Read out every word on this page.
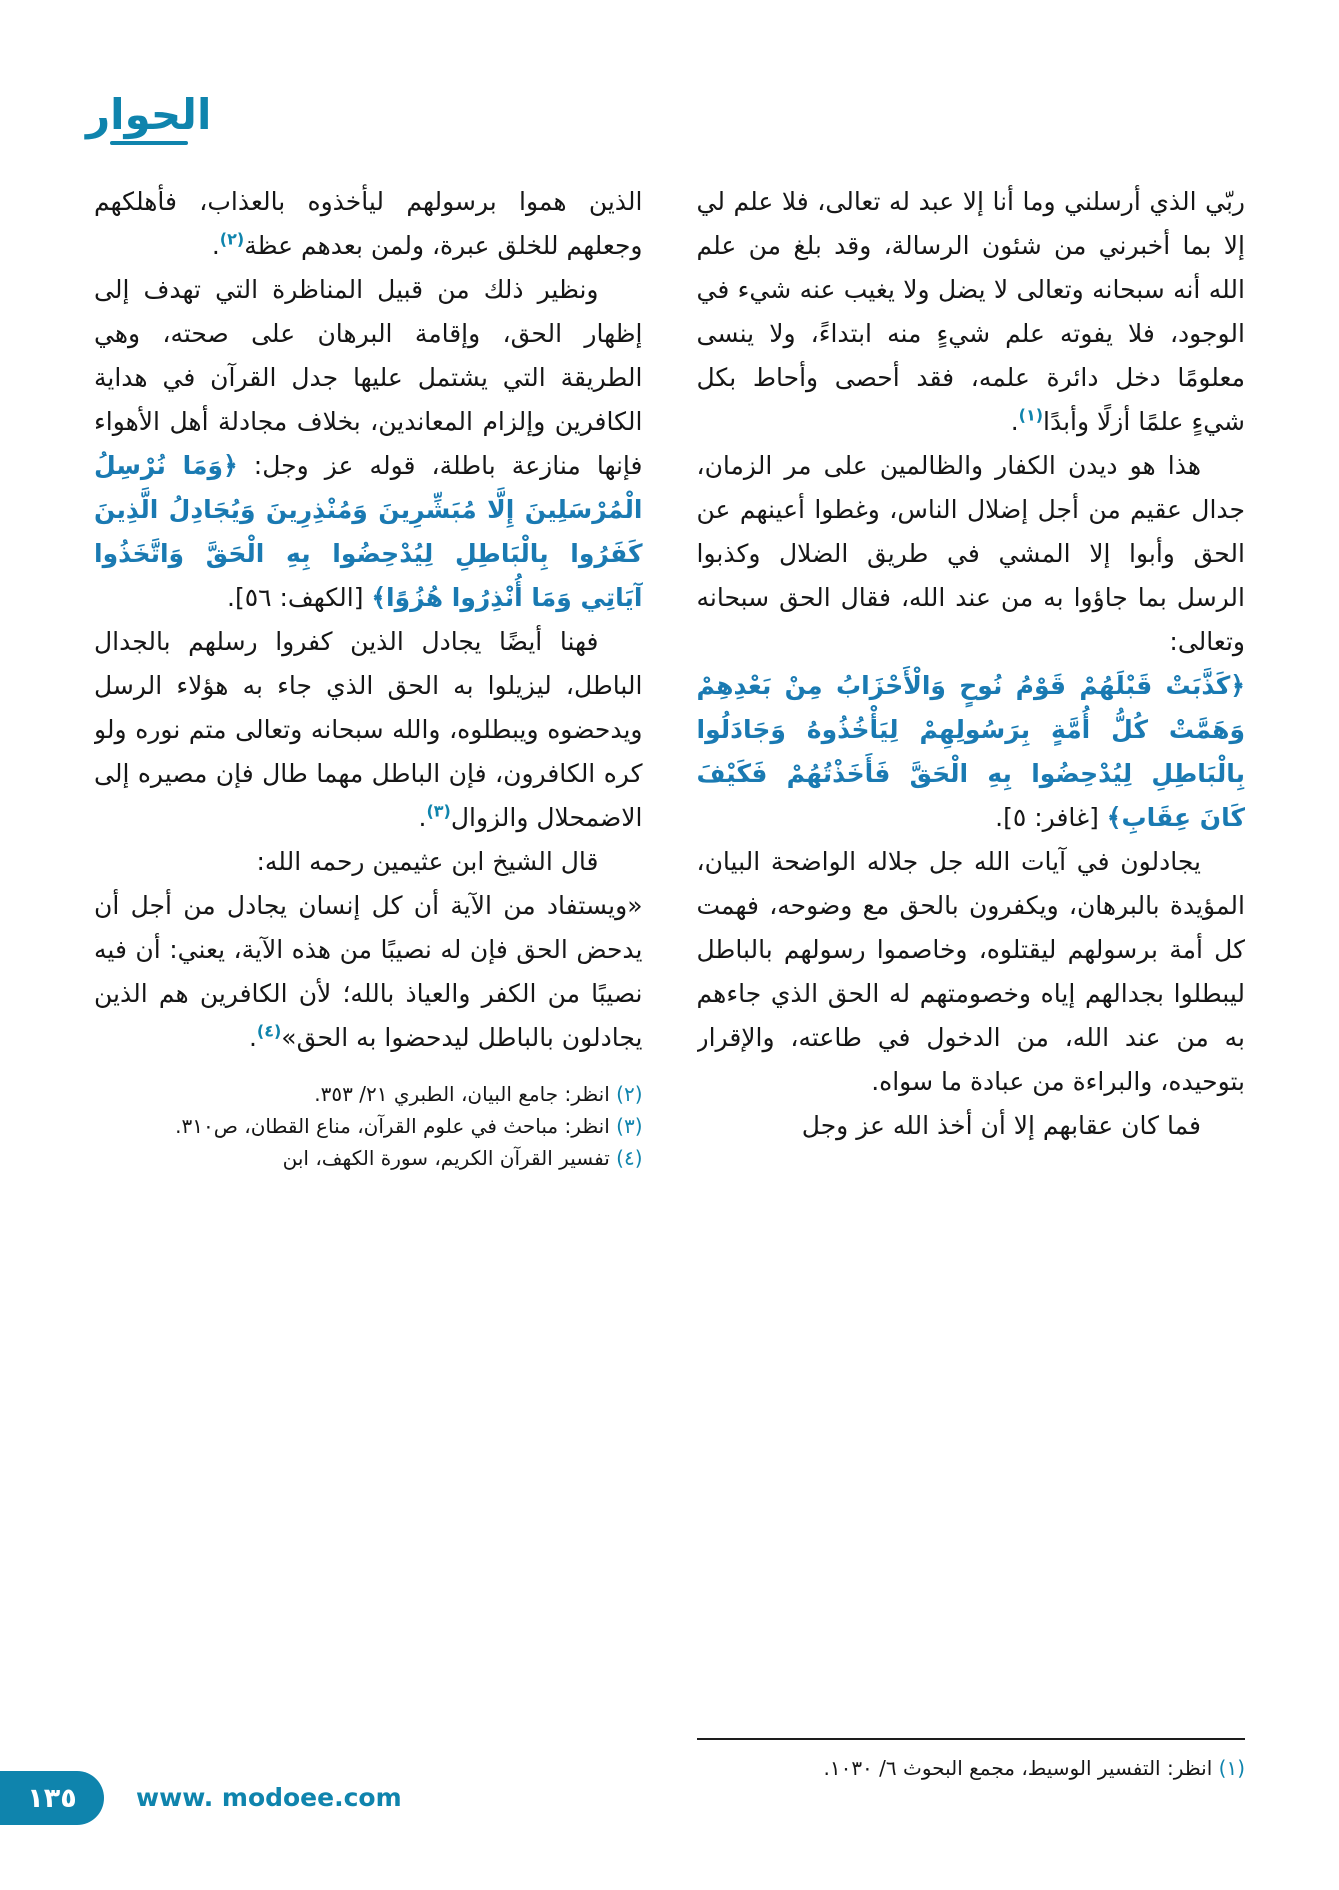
الحوار

ربّي الذي أرسلني وما أنا إلا عبد له تعالى، فلا علم لي إلا بما أخبرني من شئون الرسالة، وقد بلغ من علم الله أنه سبحانه وتعالى لا يضل ولا يغيب عنه شيء في الوجود، فلا يفوته علم شيءٍ منه ابتداءً، ولا ينسى معلومًا دخل دائرة علمه، فقد أحصى وأحاط بكل شيءٍ علمًا أزلًا وأبدًا$^{(١)}$.

هذا هو ديدن الكفار والظالمين على مر الزمان، جدال عقيم من أجل إضلال الناس، وغطوا أعينهم عن الحق وأبوا إلا المشي في طريق الضلال وكذبوا الرسل بما جاؤوا به من عند الله، فقال الحق سبحانه وتعالى:

﴿كَذَّبَتْ قَبْلَهُمْ قَوْمُ نُوحٍ وَالْأَحْزَابُ مِنْ بَعْدِهِمْ وَهَمَّتْ كُلُّ أُمَّةٍ بِرَسُولِهِمْ لِيَأْخُذُوهُ وَجَادَلُوا بِالْبَاطِلِ لِيُدْحِضُوا بِهِ الْحَقَّ فَأَخَذْتُهُمْ فَكَيْفَ كَانَ عِقَابِ﴾ [غافر: ٥].

يجادلون في آيات الله جل جلاله الواضحة البيان، المؤيدة بالبرهان، ويكفرون بالحق مع وضوحه، فهمت كل أمة برسولهم ليقتلوه، وخاصموا رسولهم بالباطل ليبطلوا بجدالهم إياه وخصومتهم له الحق الذي جاءهم به من عند الله، من الدخول في طاعته، والإقرار بتوحيده، والبراءة من عبادة ما سواه.

فما كان عقابهم إلا أن أخذ الله عز وجل

(١) انظر: التفسير الوسيط، مجمع البحوث ٦/ ١٠٣٠.

الذين هموا برسولهم ليأخذوه بالعذاب، فأهلكهم وجعلهم للخلق عبرة، ولمن بعدهم عظة$^{(٢)}$.

ونظير ذلك من قبيل المناظرة التي تهدف إلى إظهار الحق، وإقامة البرهان على صحته، وهي الطريقة التي يشتمل عليها جدل القرآن في هداية الكافرين وإلزام المعاندين، بخلاف مجادلة أهل الأهواء فإنها منازعة باطلة، قوله عز وجل: ﴿وَمَا نُرْسِلُ الْمُرْسَلِينَ إِلَّا مُبَشِّرِينَ وَمُنْذِرِينَ وَيُجَادِلُ الَّذِينَ كَفَرُوا بِالْبَاطِلِ لِيُدْحِضُوا بِهِ الْحَقَّ وَاتَّخَذُوا آيَاتِي وَمَا أُنْذِرُوا هُزُوًا﴾ [الكهف: ٥٦].

فهنا أيضًا يجادل الذين كفروا رسلهم بالجدال الباطل، ليزيلوا به الحق الذي جاء به هؤلاء الرسل ويدحضوه ويبطلوه، والله سبحانه وتعالى متم نوره ولو كره الكافرون، فإن الباطل مهما طال فإن مصيره إلى الاضمحلال والزوال$^{(٣)}$.

قال الشيخ ابن عثيمين رحمه الله:

«ويستفاد من الآية أن كل إنسان يجادل من أجل أن يدحض الحق فإن له نصيبًا من هذه الآية، يعني: أن فيه نصيبًا من الكفر والعياذ بالله؛ لأن الكافرين هم الذين يجادلون بالباطل ليدحضوا به الحق»$^{(٤)}$.

(٢) انظر: جامع البيان، الطبري ٢١/ ٣٥٣.

(٣) انظر: مباحث في علوم القرآن، مناع القطان، ص٣١٠.

(٤) تفسير القرآن الكريم، سورة الكهف، ابن

١٣٥ www. modoee.com
